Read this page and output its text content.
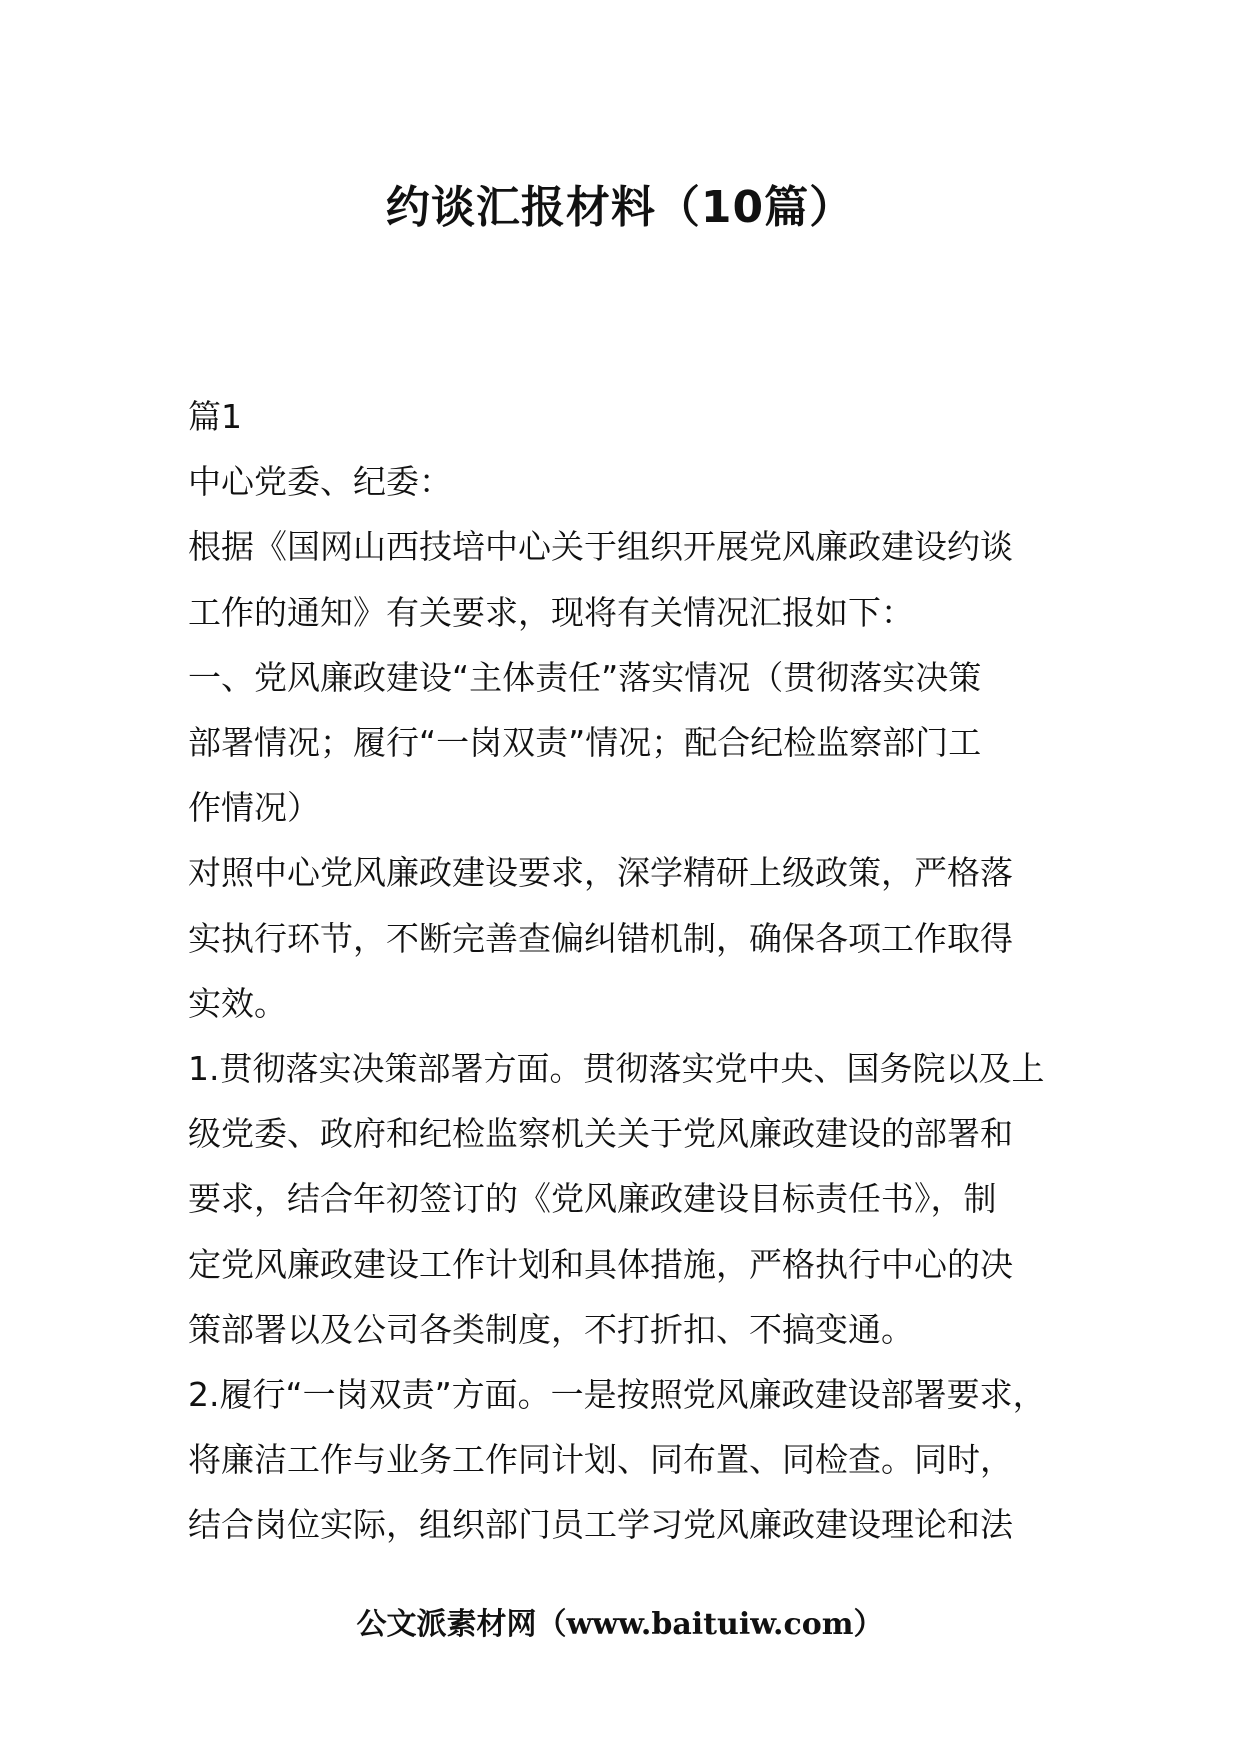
约谈汇报材料（10篇）

篇1

中心党委、纪委：

根据《国网山西技培中心关于组织开展党风廉政建设约谈

工作的通知》有关要求，现将有关情况汇报如下：

一、党风廉政建设“主体责任”落实情况（贯彻落实决策

部署情况；履行“一岗双责”情况；配合纪检监察部门工

作情况）

对照中心党风廉政建设要求，深学精研上级政策，严格落

实执行环节，不断完善查偏纠错机制，确保各项工作取得

实效。

1.贯彻落实决策部署方面。贯彻落实党中央、国务院以及上

级党委、政府和纪检监察机关关于党风廉政建设的部署和

要求，结合年初签订的《党风廉政建设目标责任书》，制

定党风廉政建设工作计划和具体措施，严格执行中心的决

策部署以及公司各类制度，不打折扣、不搞变通。

2.履行“一岗双责”方面。一是按照党风廉政建设部署要求，

将廉洁工作与业务工作同计划、同布置、同检查。同时，

结合岗位实际，组织部门员工学习党风廉政建设理论和法

公文派素材网（www.baituiw.com）
